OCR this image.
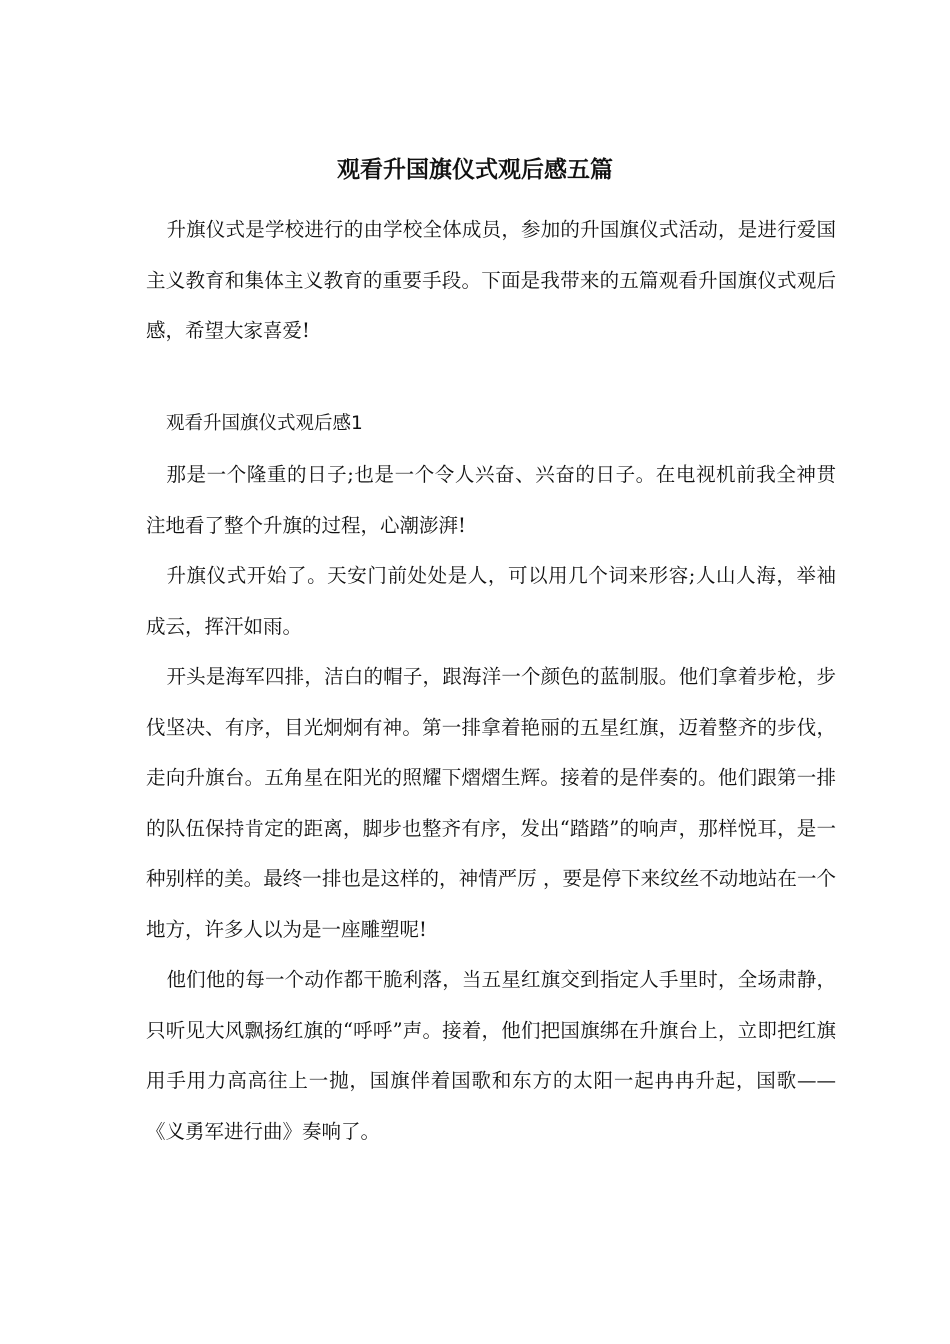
观看升国旗仪式观后感五篇

升旗仪式是学校进行的由学校全体成员，参加的升国旗仪式活动，是进行爱国主义教育和集体主义教育的重要手段。下面是我带来的五篇观看升国旗仪式观后感，希望大家喜爱!

观看升国旗仪式观后感1

那是一个隆重的日子;也是一个令人兴奋、兴奋的日子。在电视机前我全神贯注地看了整个升旗的过程，心潮澎湃!

升旗仪式开始了。天安门前处处是人，可以用几个词来形容;人山人海，举袖成云，挥汗如雨。

开头是海军四排，洁白的帽子，跟海洋一个颜色的蓝制服。他们拿着步枪，步伐坚决、有序，目光炯炯有神。第一排拿着艳丽的五星红旗，迈着整齐的步伐，走向升旗台。五角星在阳光的照耀下熠熠生辉。接着的是伴奏的。他们跟第一排的队伍保持肯定的距离，脚步也整齐有序，发出“踏踏”的响声，那样悦耳，是一种别样的美。最终一排也是这样的，神情严厉 ，要是停下来纹丝不动地站在一个地方，许多人以为是一座雕塑呢!

他们他的每一个动作都干脆利落，当五星红旗交到指定人手里时，全场肃静，只听见大风飘扬红旗的“呼呼”声。接着，他们把国旗绑在升旗台上，立即把红旗用手用力高高往上一抛，国旗伴着国歌和东方的太阳一起冉冉升起，国歌——《义勇军进行曲》奏响了。
